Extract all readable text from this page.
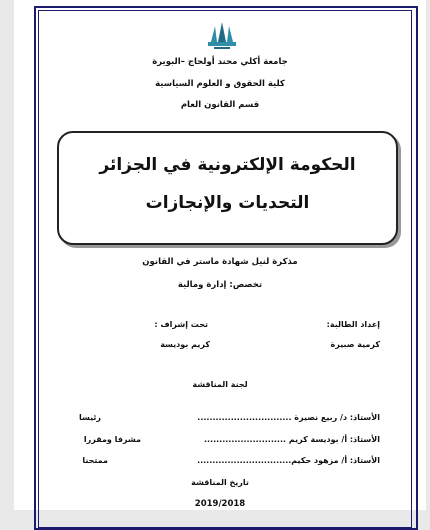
جامعة أكلي محند أولحاج –البويرة
كلية الحقوق و العلوم السياسية
قسم القانون العام
الحكومة الإلكترونية في الجزائر
التحديات والإنجازات
مذكرة لنيل شهادة ماستر في القانون
تخصص: إدارة ومالية
إعداد الطالبة:
كرمية صبيرة
تحت إشراف :
كريم بوديسة
لجنة المناقشة
الأستاذ: د/ ربيع نصيرة ...............................
رئيسا
الأستاذ: أ/ بوديسة كريم ...........................
مشرفا ومقررا
الأستاذ: أ/ مزهود حكيم...............................
ممتحنا
تاريخ المناقشة
2019/2018
